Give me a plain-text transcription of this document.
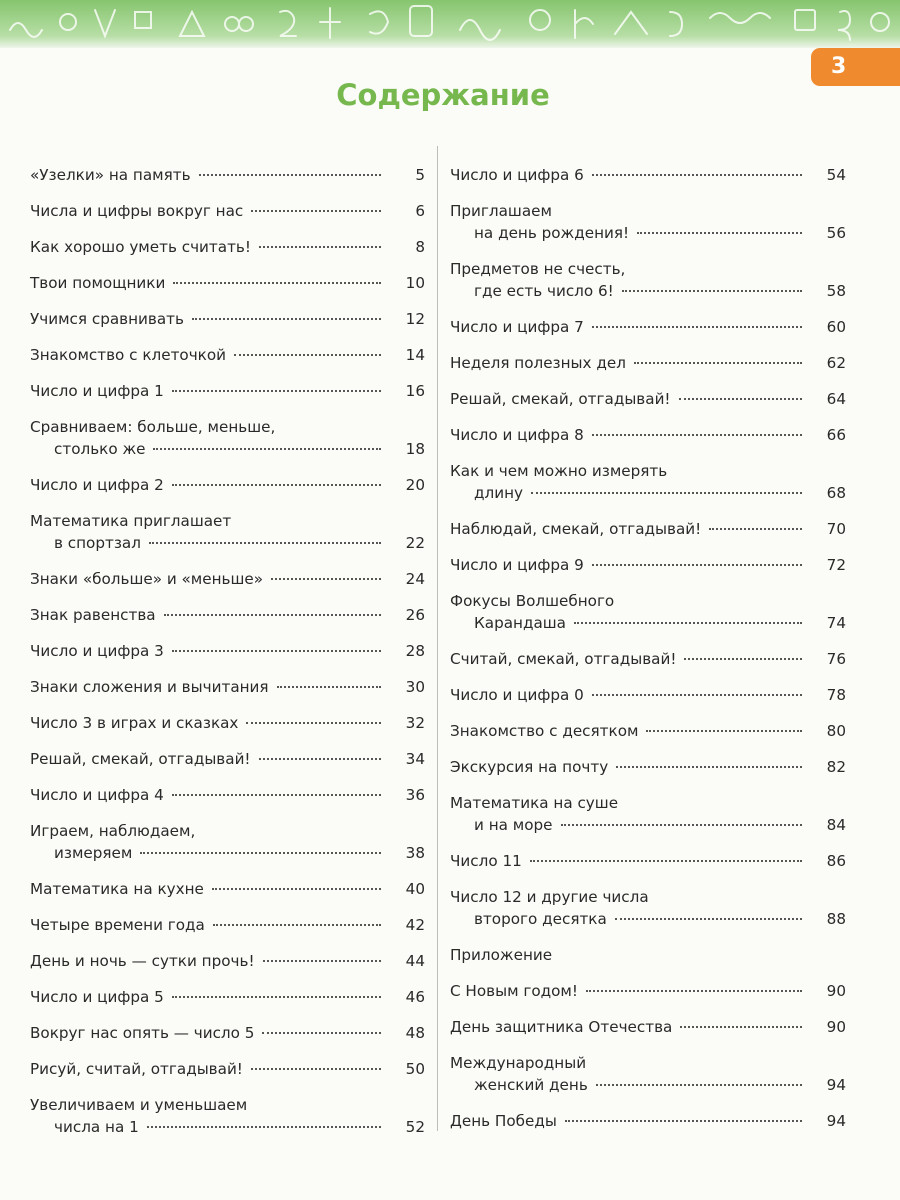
3
Содержание
«Узелки» на память	5
Числа и цифры вокруг нас	6
Как хорошо уметь считать!	8
Твои помощники	10
Учимся сравнивать	12
Знакомство с клеточкой	14
Число и цифра 1	16
Сравниваем: больше, меньше,
столько же	18
Число и цифра 2	20
Математика приглашает
в спортзал	22
Знаки «больше» и «меньше»	24
Знак равенства	26
Число и цифра 3	28
Знаки сложения и вычитания	30
Число 3 в играх и сказках	32
Решай, смекай, отгадывай!	34
Число и цифра 4	36
Играем, наблюдаем,
измеряем	38
Математика на кухне	40
Четыре времени года	42
День и ночь — сутки прочь!	44
Число и цифра 5	46
Вокруг нас опять — число 5	48
Рисуй, считай, отгадывай!	50
Увеличиваем и уменьшаем
числа на 1	52
Число и цифра 6	54
Приглашаем
на день рождения!	56
Предметов не счесть,
где есть число 6!	58
Число и цифра 7	60
Неделя полезных дел	62
Решай, смекай, отгадывай!	64
Число и цифра 8	66
Как и чем можно измерять
длину	68
Наблюдай, смекай, отгадывай!	70
Число и цифра 9	72
Фокусы Волшебного
Карандаша	74
Считай, смекай, отгадывай!	76
Число и цифра 0	78
Знакомство с десятком	80
Экскурсия на почту	82
Математика на суше
и на море	84
Число 11	86
Число 12 и другие числа
второго десятка	88
Приложение
С Новым годом!	90
День защитника Отечества	90
Международный
женский день	94
День Победы	94
